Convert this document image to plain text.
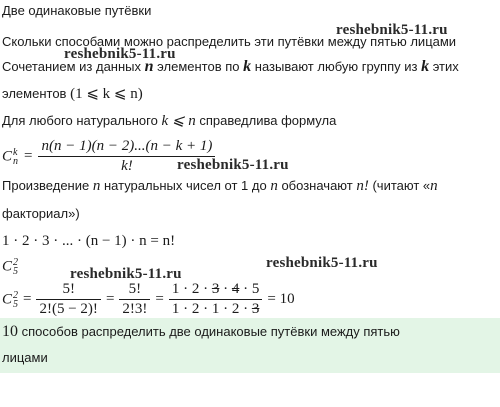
Две одинаковые путёвки
Скольки способами можно распределить эти путёвки между пятью лицами
Сочетанием из данных n элементов по k называют любую группу из k этих
элементов (1 ⩽ k ⩽ n)
Для любого натурального k ⩽ n справедлива формула
C k
$n = \frac{n(n - 1)(n - 2)...(n - k + 1)}{k!}$
Произведение n натуральных чисел от 1 до n обозначают n! (читают «n
факториал»)
1 · 2 · 3 · ... · (n − 1) · n = n!
C 2
5
C 2
$5 = \frac{5!}{2!(5 - 2)!} = \frac{5!}{2!3!} = \frac{1 \cdot 2 \cdot 3 \cdot 4 \cdot 5}{1 \cdot 2 \cdot 1 \cdot 2 \cdot 3} = 10$
10 способов распределить две одинаковые путёвки между пятью
лицами
reshebnik5-11.ru
reshebnik5-11.ru
reshebnik5-11.ru
reshebnik5-11.ru
reshebnik5-11.ru
